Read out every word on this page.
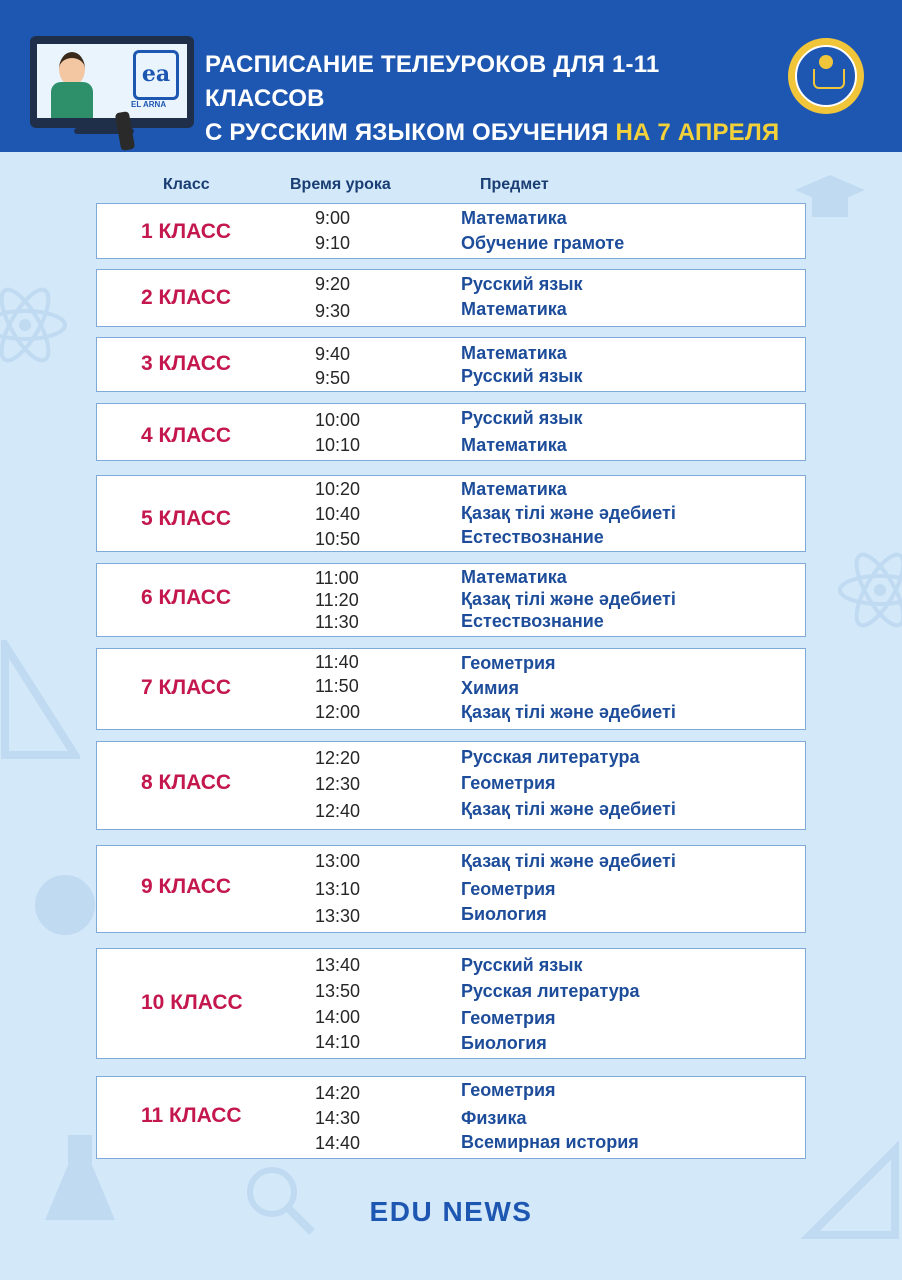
ea
EL ARNA
РАСПИСАНИЕ ТЕЛЕУРОКОВ ДЛЯ 1-11 КЛАССОВ
С РУССКИМ ЯЗЫКОМ ОБУЧЕНИЯ НА 7 АПРЕЛЯ
Класс	Время урока	Предмет
1 КЛАСС
9:00	Математика
9:10	Обучение грамоте
2 КЛАСС
9:20	Русский язык
9:30	Математика
3 КЛАСС	9:40	Математика
9:50	Русский язык
4 КЛАСС
10:00	Русский язык
10:10	Математика
5 КЛАСС
10:20	Математика
10:40	Қазақ тілі және әдебиеті
10:50	Естествознание
6 КЛАСС
11:00	Математика
11:20	Қазақ тілі және әдебиеті
11:30	Естествознание
7 КЛАСС
11:40	Геометрия
11:50	Химия
12:00	Қазақ тілі және әдебиеті
8 КЛАСС
12:20	Русская литература
12:30	Геометрия
12:40	Қазақ тілі және әдебиеті
9 КЛАСС
13:00	Қазақ тілі және әдебиеті
13:10	Геометрия
13:30	Биология
10 КЛАСС
13:40	Русский язык
13:50	Русская литература
14:00	Геометрия
14:10	Биология
11 КЛАСС
14:20	Геометрия
14:30	Физика
14:40	Всемирная история
EDU NEWS
